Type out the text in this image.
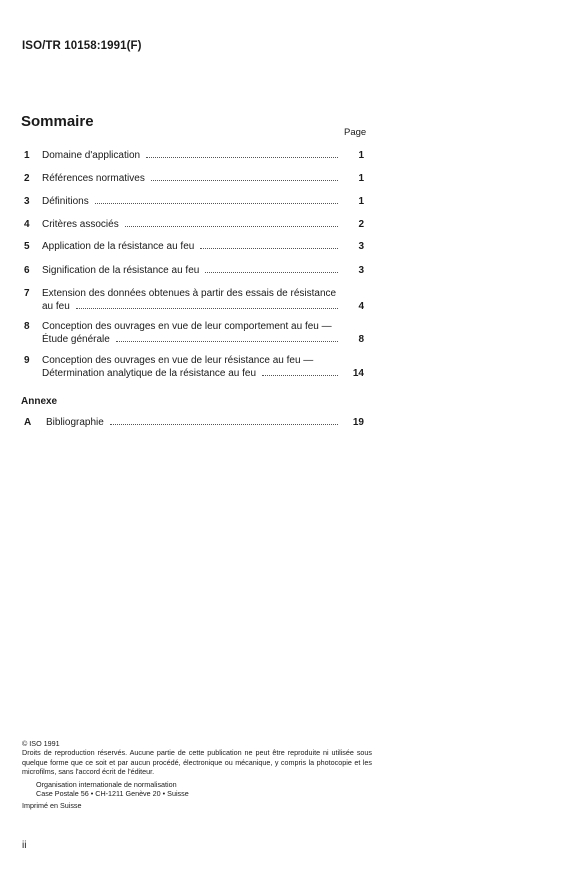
ISO/TR 10158:1991(F)
Sommaire
Page
1	Domaine d'application	1
2	Références normatives	1
3	Définitions	1
4	Critères associés	2
5	Application de la résistance au feu	3
6	Signification de la résistance au feu	3
7	Extension des données obtenues à partir des essais de résistance
au feu	4
8	Conception des ouvrages en vue de leur comportement au feu —
Étude générale	8
9	Conception des ouvrages en vue de leur résistance au feu —
Détermination analytique de la résistance au feu	14
Annexe
A	Bibliographie	19
© ISO 1991
Droits de reproduction réservés. Aucune partie de cette publication ne peut être reproduite ni utilisée sous quelque forme que ce soit et par aucun procédé, électronique ou mécanique, y compris la photocopie et les microfilms, sans l'accord écrit de l'éditeur.
Organisation internationale de normalisation
Case Postale 56 • CH-1211 Genève 20 • Suisse
Imprimé en Suisse
ii
